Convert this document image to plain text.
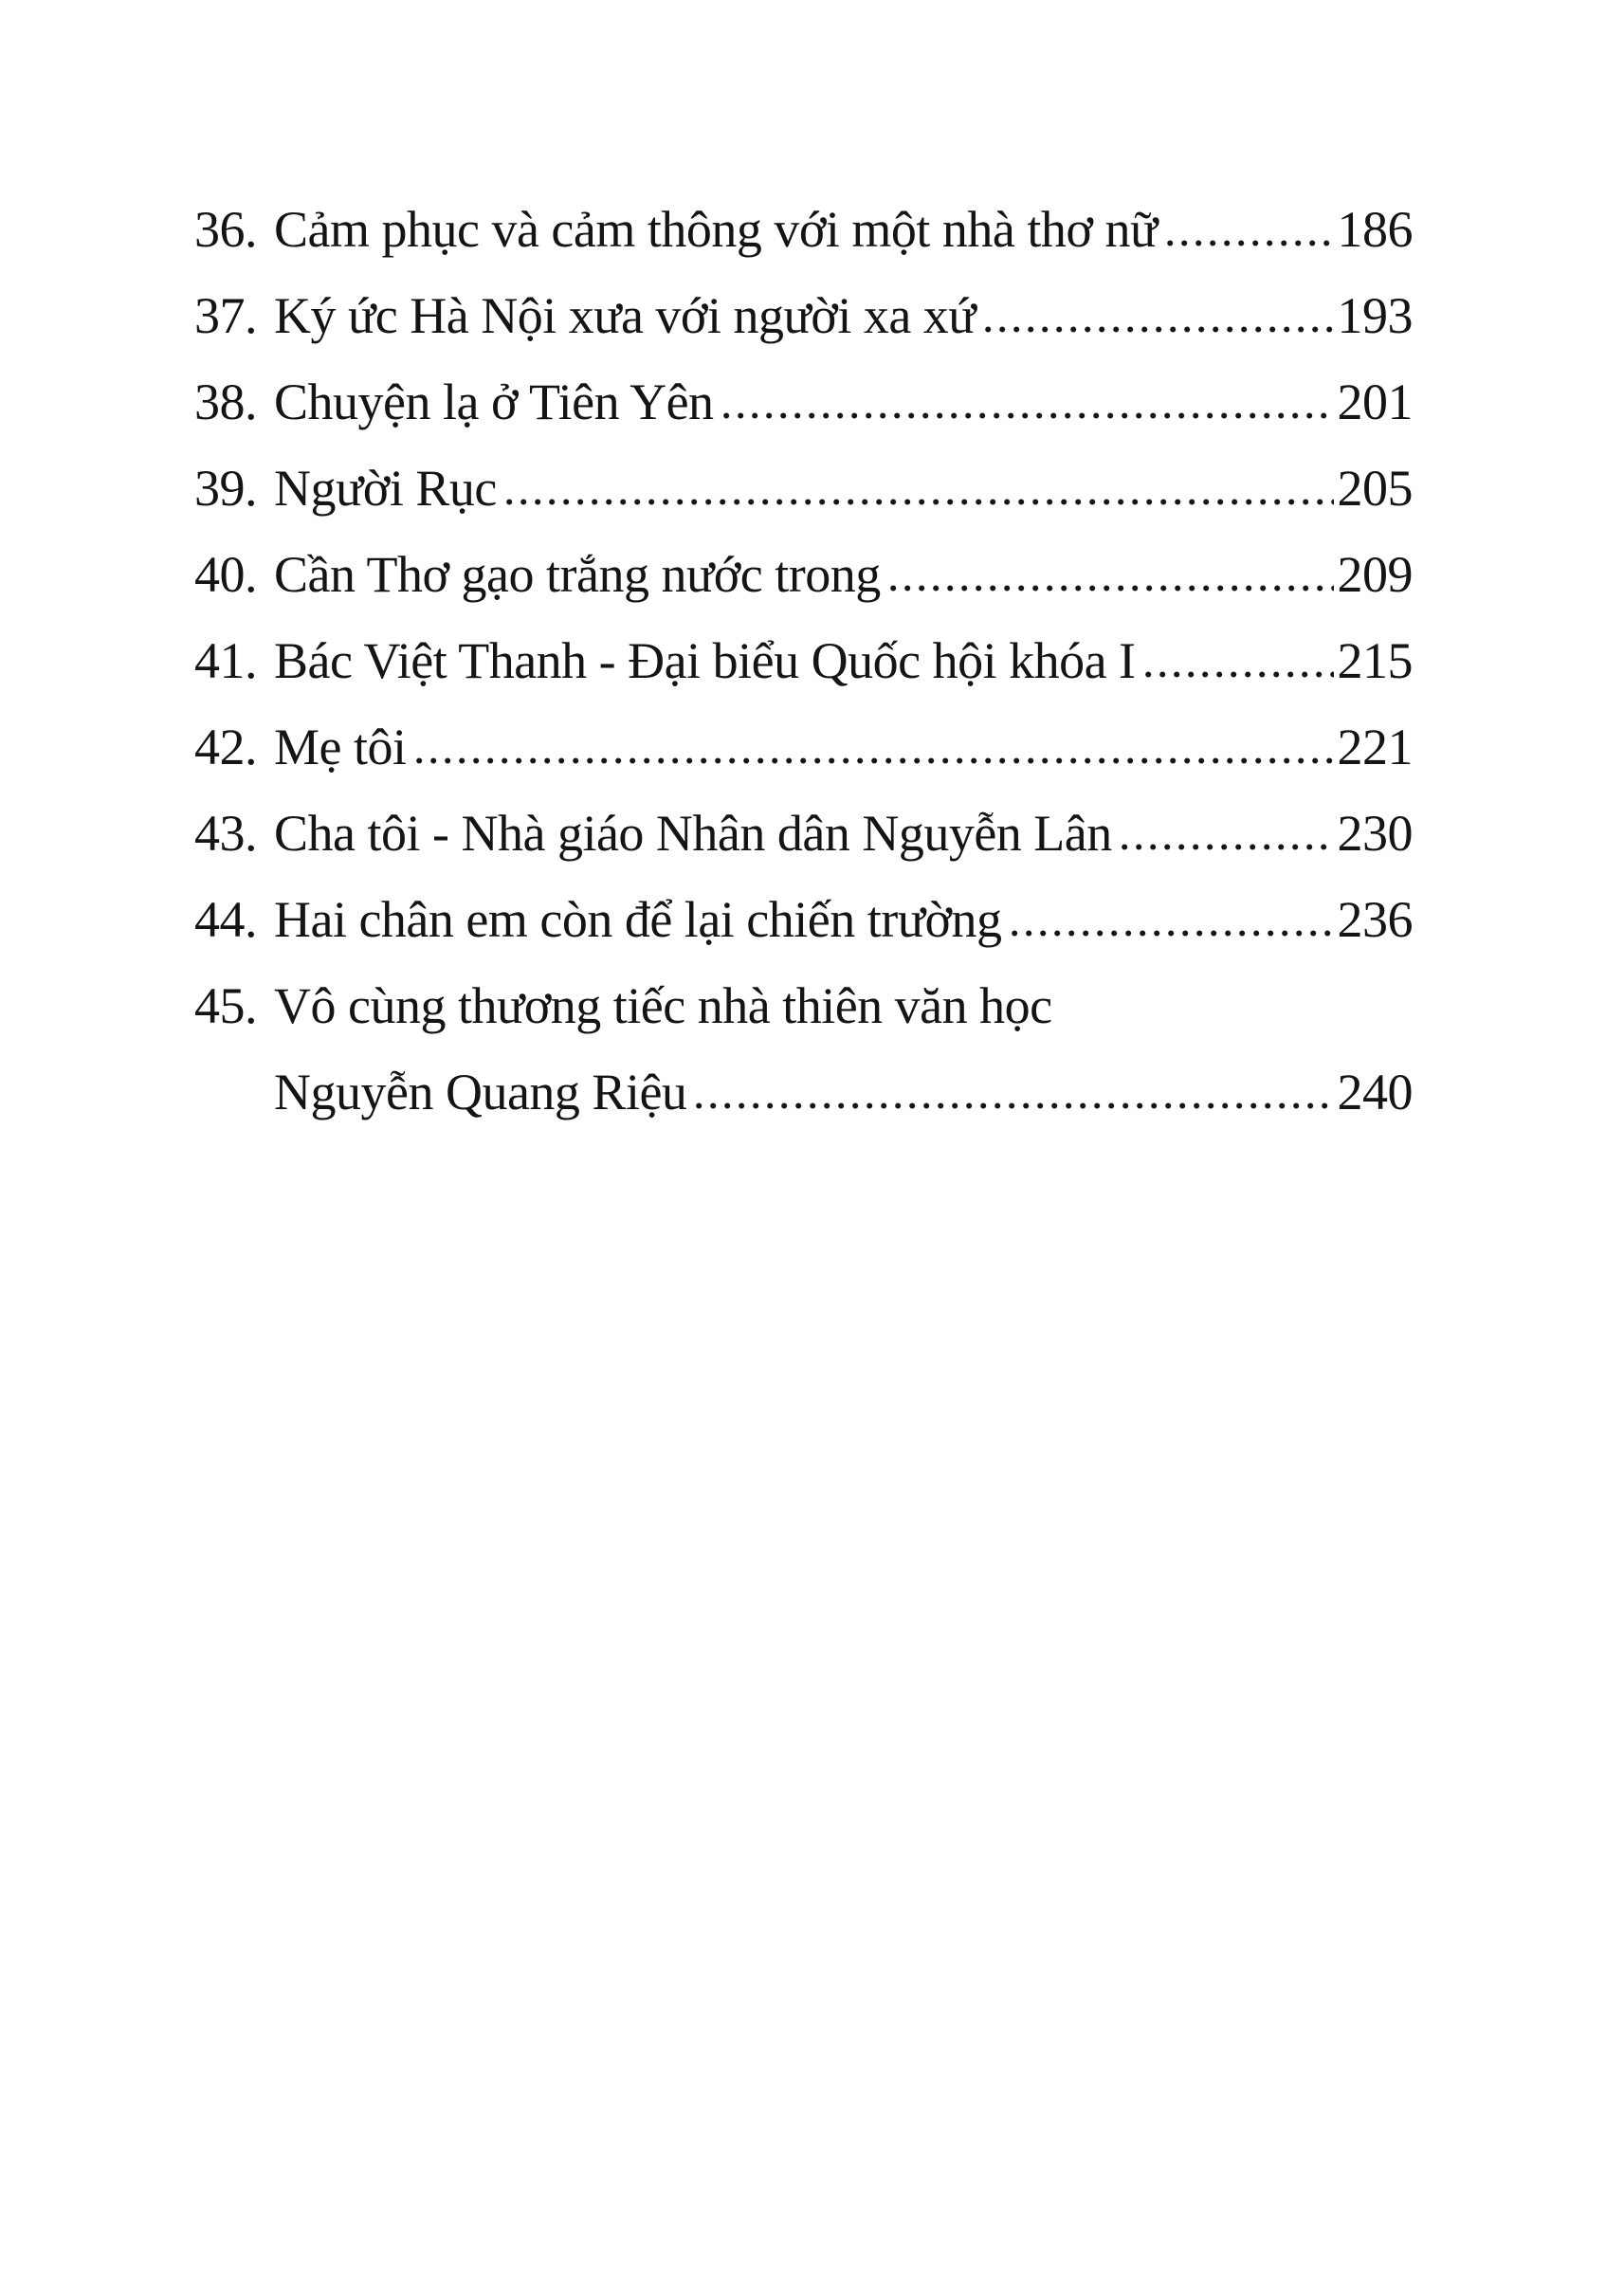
36. Cảm phục và cảm thông với một nhà thơ nữ	186
37. Ký ức Hà Nội xưa với người xa xứ	193
38. Chuyện lạ ở Tiên Yên	201
39. Người Rục	205
40. Cần Thơ gạo trắng nước trong	209
41. Bác Việt Thanh - Đại biểu Quốc hội khóa I	215
42. Mẹ tôi	221
43. Cha tôi - Nhà giáo Nhân dân Nguyễn Lân	230
44. Hai chân em còn để lại chiến trường	236
45. Vô cùng thương tiếc nhà thiên văn học
Nguyễn Quang Riệu	240
